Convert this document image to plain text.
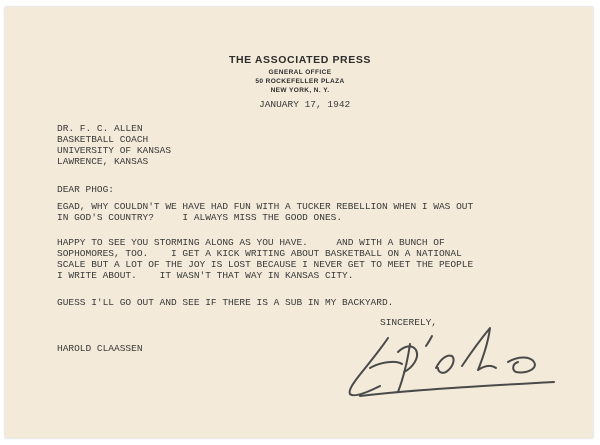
THE ASSOCIATED PRESS
GENERAL OFFICE
50 ROCKEFELLER PLAZA
NEW YORK, N. Y.
JANUARY 17, 1942
DR. F. C. ALLEN
BASKETBALL COACH
UNIVERSITY OF KANSAS
LAWRENCE, KANSAS
DEAR PHOG:
EGAD, WHY COULDN'T WE HAVE HAD FUN WITH A TUCKER REBELLION WHEN I WAS OUT
IN GOD'S COUNTRY?     I ALWAYS MISS THE GOOD ONES.
HAPPY TO SEE YOU STORMING ALONG AS YOU HAVE.     AND WITH A BUNCH OF
SOPHOMORES, TOO.    I GET A KICK WRITING ABOUT BASKETBALL ON A NATIONAL
SCALE BUT A LOT OF THE JOY IS LOST BECAUSE I NEVER GET TO MEET THE PEOPLE
I WRITE ABOUT.    IT WASN'T THAT WAY IN KANSAS CITY.
GUESS I'LL GO OUT AND SEE IF THERE IS A SUB IN MY BACKYARD.
SINCERELY,
HAROLD CLAASSEN
